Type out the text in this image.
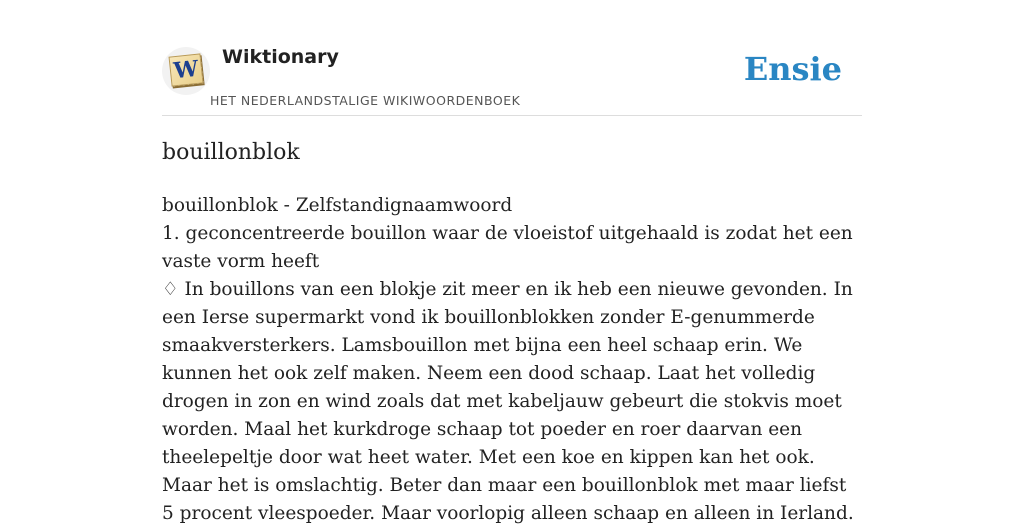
W Wiktionary
HET NEDERLANDSTALIGE WIKIWOORDENBOEK
Ensie
bouillonblok

bouillonblok - Zelfstandignaamwoord

1. geconcentreerde bouillon waar de vloeistof uitgehaald is zodat het een vaste vorm heeft

♢ In bouillons van een blokje zit meer en ik heb een nieuwe gevonden. In een Ierse supermarkt vond ik bouillonblokken zonder E-genummerde smaakversterkers. Lamsbouillon met bijna een heel schaap erin. We kunnen het ook zelf maken. Neem een dood schaap. Laat het volledig drogen in zon en wind zoals dat met kabeljauw gebeurt die stokvis moet worden. Maal het kurkdroge schaap tot poeder en roer daarvan een theelepeltje door wat heet water. Met een koe en kippen kan het ook. Maar het is omslachtig. Beter dan maar een bouillonblok met maar liefst 5 procent vleespoeder. Maar voorlopig alleen schaap en alleen in Ierland.
